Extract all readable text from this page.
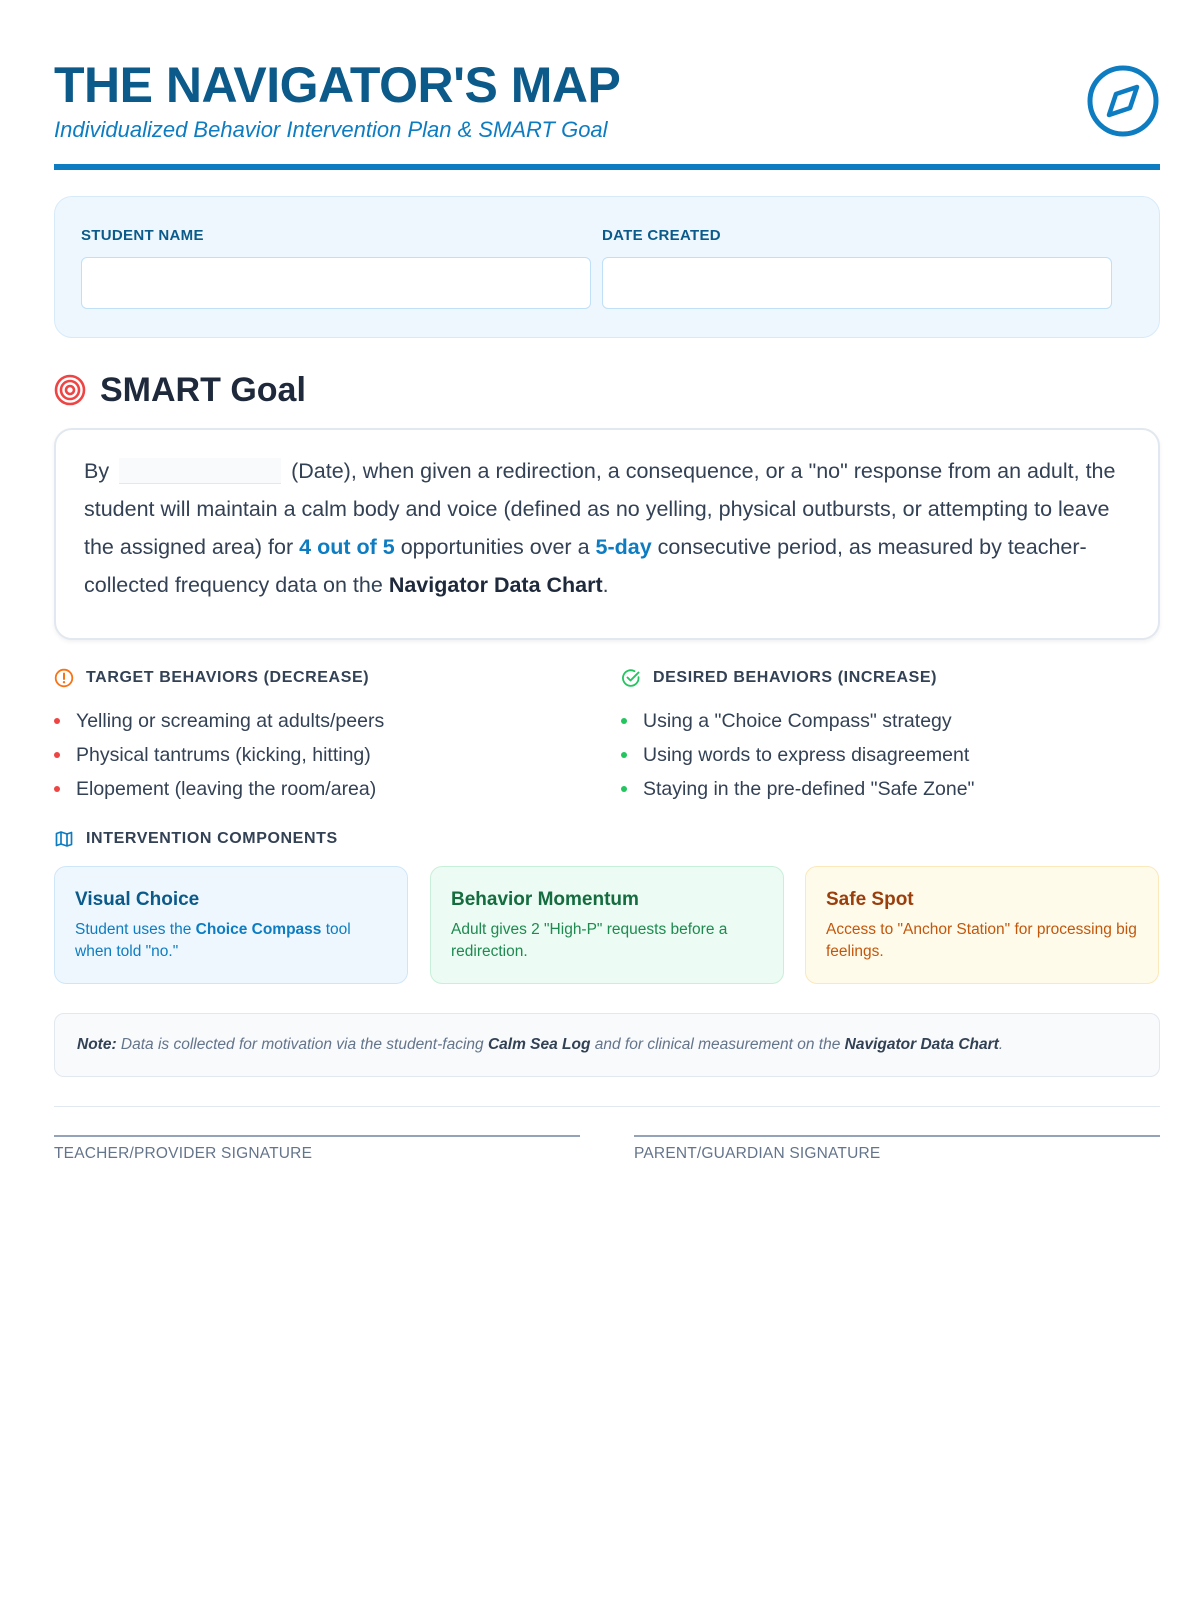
THE NAVIGATOR'S MAP
Individualized Behavior Intervention Plan & SMART Goal
STUDENT NAME	DATE CREATED
SMART Goal

By	(Date), when given a redirection, a consequence, or a "no" response from an adult, the student will maintain a calm body and voice (defined as no yelling, physical outbursts, or attempting to leave the assigned area) for 4 out of 5 opportunities over a 5-day consecutive period, as measured by teacher-collected frequency data on the Navigator Data Chart.

TARGET BEHAVIORS (DECREASE)
Yelling or screaming at adults/peers
Physical tantrums (kicking, hitting)
Elopement (leaving the room/area)
DESIRED BEHAVIORS (INCREASE)
Using a "Choice Compass" strategy
Using words to express disagreement
Staying in the pre-defined "Safe Zone"
INTERVENTION COMPONENTS
Visual Choice
Student uses the Choice Compass tool when told "no."
Behavior Momentum
Adult gives 2 "High-P" requests before a redirection.
Safe Spot
Access to "Anchor Station" for processing big feelings.
Note: Data is collected for motivation via the student-facing Calm Sea Log and for clinical measurement on the Navigator Data Chart.
TEACHER/PROVIDER SIGNATURE	PARENT/GUARDIAN SIGNATURE
